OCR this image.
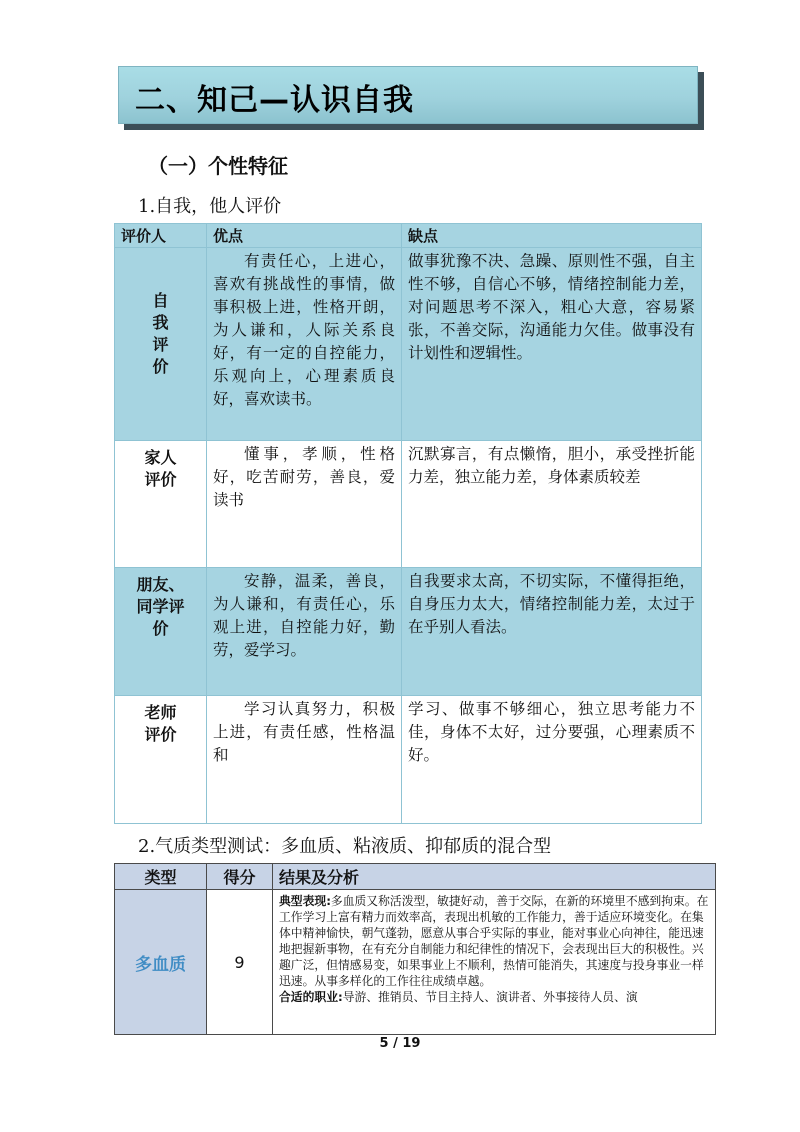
二、知己—认识自我
（一）个性特征
1.自我，他人评价
评价人	优点	缺点
自我评价	有责任心，上进心，喜欢有挑战性的事情，做事积极上进，性格开朗，为人谦和，人际关系良好，有一定的自控能力，乐观向上，心理素质良好，喜欢读书。	做事犹豫不决、急躁、原则性不强，自主性不够，自信心不够，情绪控制能力差，对问题思考不深入，粗心大意，容易紧张，不善交际，沟通能力欠佳。做事没有计划性和逻辑性。
家人评价	懂事，孝顺，性格好，吃苦耐劳，善良，爱读书	沉默寡言，有点懒惰，胆小，承受挫折能力差，独立能力差，身体素质较差
朋友、同学评价	安静，温柔，善良，为人谦和，有责任心，乐观上进，自控能力好，勤劳，爱学习。	自我要求太高，不切实际，不懂得拒绝，自身压力太大，情绪控制能力差，太过于在乎别人看法。
老师评价	学习认真努力，积极上进，有责任感，性格温和	学习、做事不够细心，独立思考能力不佳，身体不太好，过分要强，心理素质不好。
2.气质类型测试：多血质、粘液质、抑郁质的混合型
类型	得分	结果及分析
多血质	9	典型表现:多血质又称活泼型，敏捷好动，善于交际，在新的环境里不感到拘束。在工作学习上富有精力而效率高，表现出机敏的工作能力，善于适应环境变化。在集体中精神愉快，朝气蓬勃，愿意从事合乎实际的事业，能对事业心向神往，能迅速地把握新事物，在有充分自制能力和纪律性的情况下，会表现出巨大的积极性。兴趣广泛，但情感易变，如果事业上不顺利，热情可能消失，其速度与投身事业一样迅速。从事多样化的工作往往成绩卓越。
合适的职业:导游、推销员、节目主持人、演讲者、外事接待人员、演
5 / 19
